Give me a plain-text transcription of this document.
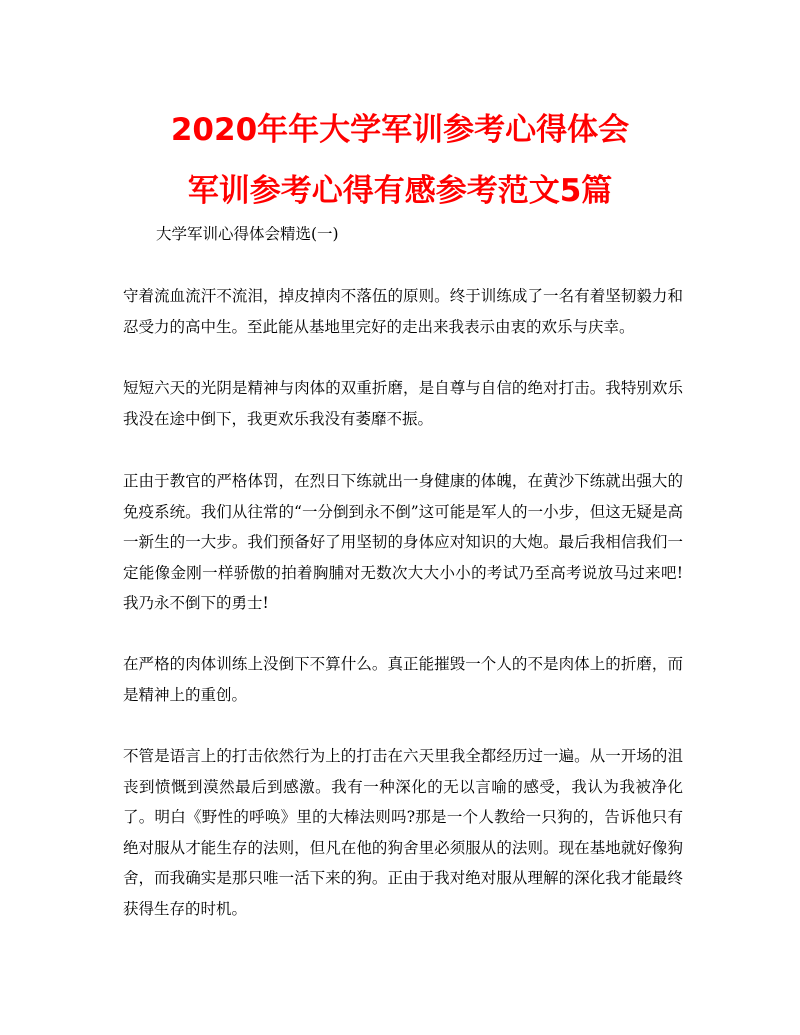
2020年年大学军训参考心得体会
军训参考心得有感参考范文5篇
大学军训心得体会精选(一)

守着流血流汗不流泪，掉皮掉肉不落伍的原则。终于训练成了一名有着坚韧毅力和忍受力的高中生。至此能从基地里完好的走出来我表示由衷的欢乐与庆幸。

短短六天的光阴是精神与肉体的双重折磨，是自尊与自信的绝对打击。我特别欢乐我没在途中倒下，我更欢乐我没有萎靡不振。

正由于教官的严格体罚，在烈日下练就出一身健康的体魄，在黄沙下练就出强大的免疫系统。我们从往常的“一分倒到永不倒”这可能是军人的一小步，但这无疑是高一新生的一大步。我们预备好了用坚韧的身体应对知识的大炮。最后我相信我们一定能像金刚一样骄傲的拍着胸脯对无数次大大小小的考试乃至高考说放马过来吧!我乃永不倒下的勇士!

在严格的肉体训练上没倒下不算什么。真正能摧毁一个人的不是肉体上的折磨，而是精神上的重创。

不管是语言上的打击依然行为上的打击在六天里我全都经历过一遍。从一开场的沮丧到愤慨到漠然最后到感激。我有一种深化的无以言喻的感受，我认为我被净化了。明白《野性的呼唤》里的大棒法则吗?那是一个人教给一只狗的，告诉他只有绝对服从才能生存的法则，但凡在他的狗舍里必须服从的法则。现在基地就好像狗舍，而我确实是那只唯一活下来的狗。正由于我对绝对服从理解的深化我才能最终获得生存的时机。
